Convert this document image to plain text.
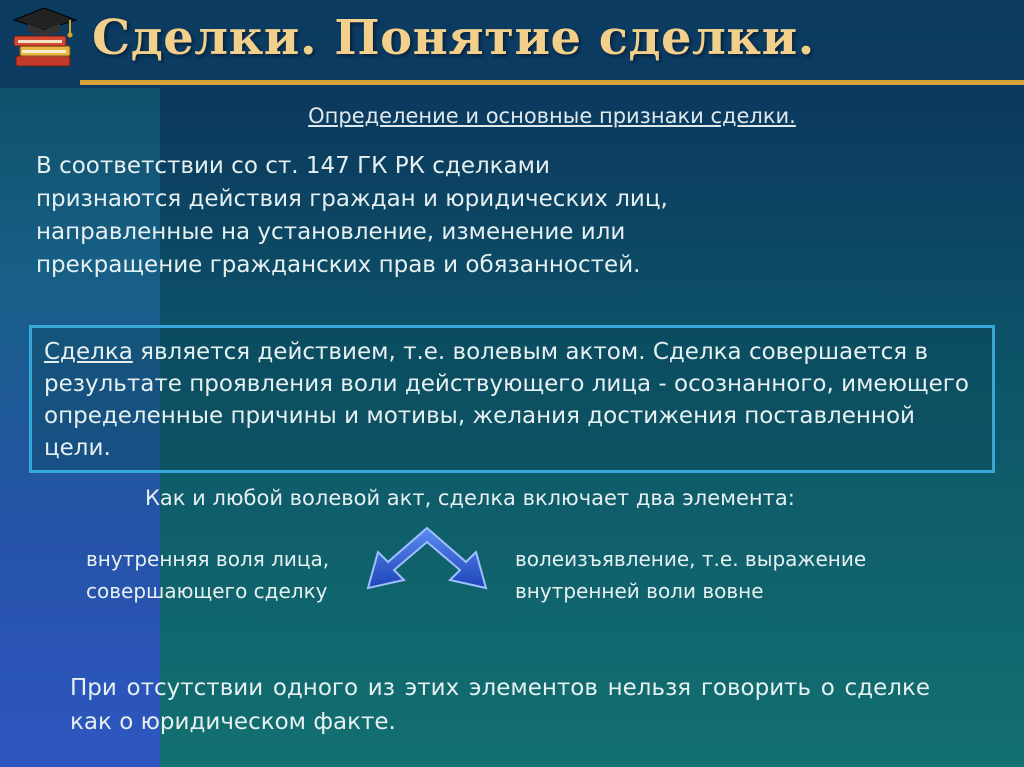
Сделки. Понятие сделки.
Определение и основные признаки сделки.
В соответствии со ст. 147 ГК РК сделками признаются действия граждан и юридических лиц, направленные на установление, изменение или прекращение гражданских прав и обязанностей.
Сделка является действием, т.е. волевым актом. Сделка совершается в результате проявления воли действующего лица - осознанного, имеющего определенные причины и мотивы, желания достижения поставленной цели.
Как и любой волевой акт, сделка включает два элемента:
внутренняя воля лица, совершающего сделку
волеизъявление, т.е. выражение внутренней воли вовне
При отсутствии одного из этих элементов нельзя говорить о сделке как о юридическом факте.
